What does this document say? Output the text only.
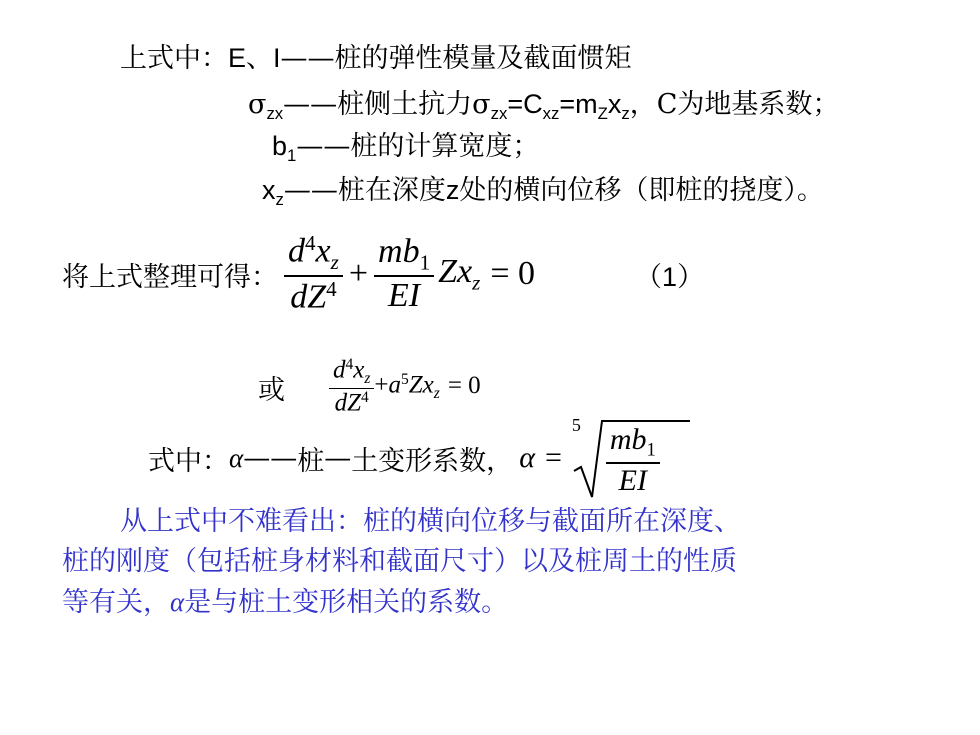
上式中：E、I——桩的弹性模量及截面惯矩
$\sigma_{zx}——$桩侧土抗力$\sigma_{zx}=C_{xz}=m_Zx_z$，C为地基系数；
$b_1——$桩的计算宽度；
$x_z——$桩在深度z处的横向位移（即桩的挠度）。
将上式整理可得： $\frac{d^4x_z}{dZ^4} + \frac{mb_1}{EI} Zx_z = 0$	（1）
或 $\frac{d^4x_z}{dZ^4} +a^5Zx_z = 0$
式中： α —— 桩 — 土变形系数， α =
$5 \frac{mb_1}{EI}$
从上式中不难看出：桩的横向位移与截面所在深度、
桩的刚度（包括桩身材料和截面尺寸）以及桩周土的性质
等有关，α是与桩土变形相关的系数。
